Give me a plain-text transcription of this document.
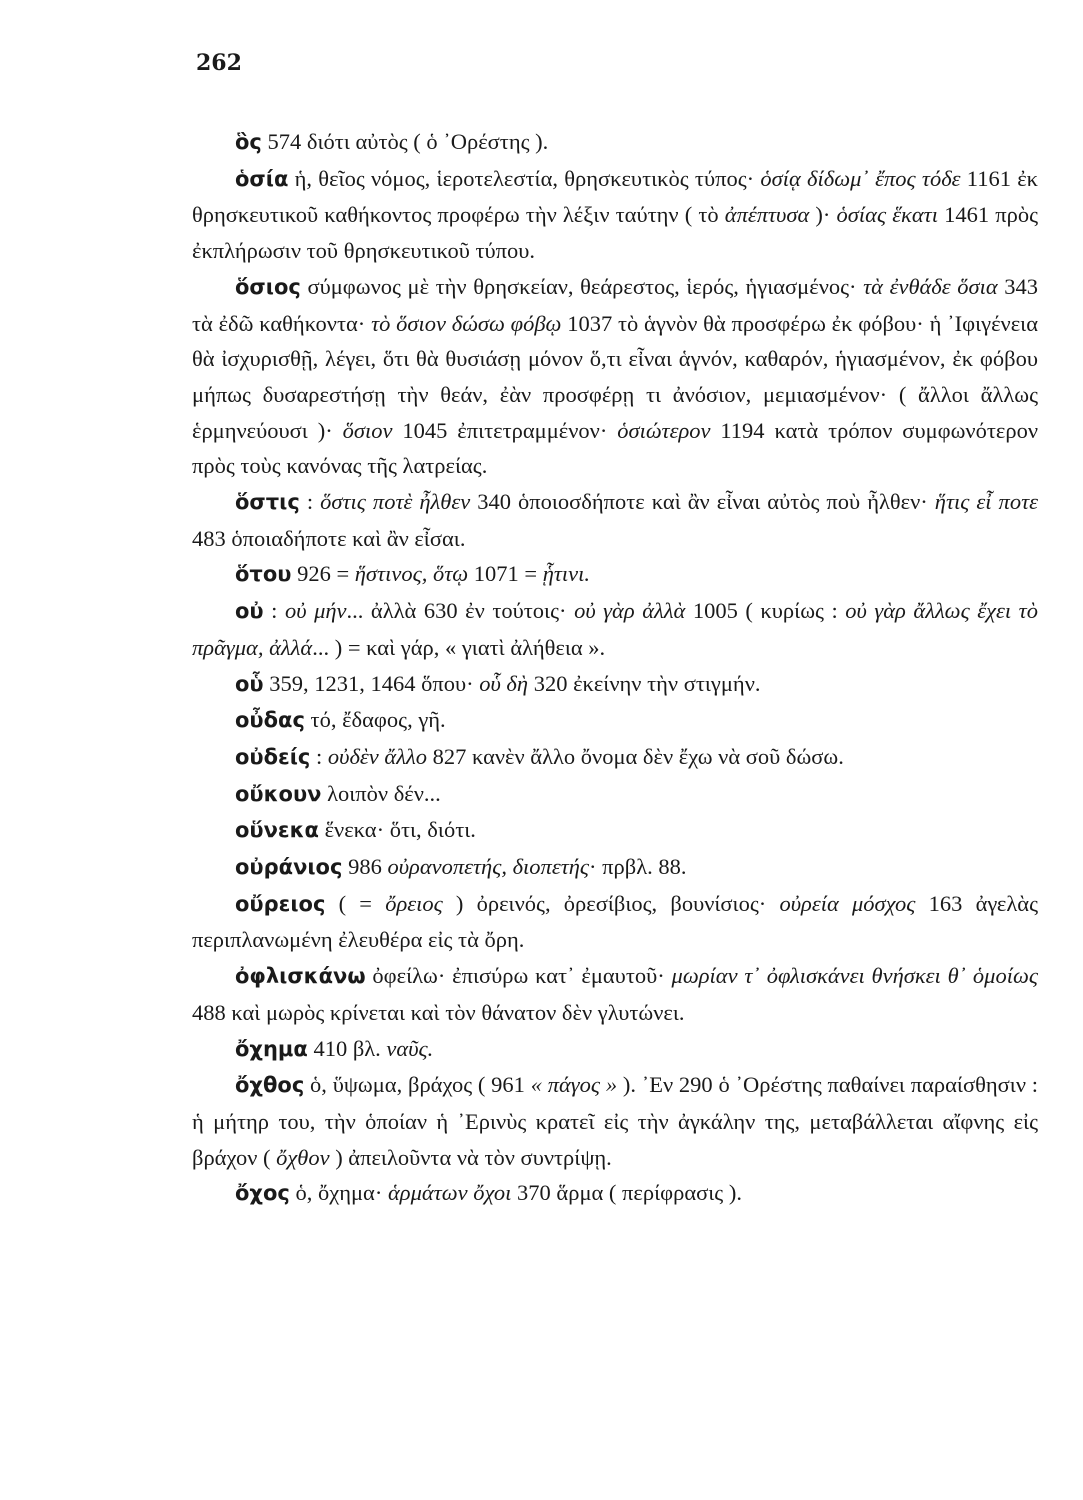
262

ὃς 574 διότι αὐτὸς ( ὁ ᾿Ορέστης ).

ὁσία ἡ, θεῖος νόμος, ἱεροτελεστία, θρησκευτικὸς τύπος· ὁσίᾳ δίδωμ᾿ ἔπος τόδε 1161 ἐκ θρησκευτικοῦ καθήκοντος προφέρω τὴν λέξιν ταύτην ( τὸ ἀπέπτυσα )· ὁσίας ἕκατι 1461 πρὸς ἐκπλήρωσιν τοῦ θρησκευτικοῦ τύπου.

ὅσιος σύμφωνος μὲ τὴν θρησκείαν, θεάρεστος, ἱερός, ἡγιασμένος· τὰ ἐνθάδε ὅσια 343 τὰ ἐδῶ καθήκοντα· τὸ ὅσιον δώσω φόβῳ 1037 τὸ ἁγνὸν θὰ προσφέρω ἐκ φόβου· ἡ ᾿Ιφιγένεια θὰ ἰσχυρισθῇ, λέγει, ὅτι θὰ θυσιάσῃ μόνον ὅ,τι εἶναι ἁγνόν, καθαρόν, ἡγιασμένον, ἐκ φόβου μήπως δυσαρεστήσῃ τὴν θεάν, ἐὰν προσφέρῃ τι ἀνόσιον, μεμιασμένον· ( ἄλλοι ἄλλως ἑρμηνεύουσι )· ὅσιον 1045 ἐπιτετραμμένον· ὁσιώτερον 1194 κατὰ τρόπον συμφωνότερον πρὸς τοὺς κανόνας τῆς λατρείας.

ὅστις : ὅστις ποτὲ ἦλθεν 340 ὁποιοσδήποτε καὶ ἂν εἶναι αὐτὸς ποὺ ἦλθεν· ἥτις εἶ ποτε 483 ὁποιαδήποτε καὶ ἂν εἶσαι.

ὅτου 926 = ἥστινος, ὅτῳ 1071 = ᾗτινι.

οὐ : οὐ μήν... ἀλλὰ 630 ἐν τούτοις· οὐ γὰρ ἀλλὰ 1005 ( κυρίως : οὐ γὰρ ἄλλως ἔχει τὸ πρᾶγμα, ἀλλά... ) = καὶ γάρ, « γιατὶ ἀλήθεια ».

οὗ 359, 1231, 1464 ὅπου· οὗ δὴ 320 ἐκείνην τὴν στιγμήν.

οὖδας τό, ἔδαφος, γῆ.

οὐδείς : οὐδὲν ἄλλο 827 κανὲν ἄλλο ὄνομα δὲν ἔχω νὰ σοῦ δώσω.

οὔκουν λοιπὸν δέν...

οὕνεκα ἕνεκα· ὅτι, διότι.

οὐράνιος 986 οὐρανοπετής, διοπετής· πρβλ. 88.

οὔρειος ( = ὄρειος ) ὀρεινός, ὀρεσίβιος, βουνίσιος· οὐρεία μόσχος 163 ἀγελὰς περιπλανωμένη ἐλευθέρα εἰς τὰ ὄρη.

ὀφλισκάνω ὀφείλω· ἐπισύρω κατ᾿ ἐμαυτοῦ· μωρίαν τ᾿ ὀφλισκάνει θνήσκει θ᾿ ὁμοίως 488 καὶ μωρὸς κρίνεται καὶ τὸν θάνατον δὲν γλυτώνει.

ὄχημα 410 βλ. ναῦς.

ὄχθος ὁ, ὕψωμα, βράχος ( 961 « πάγος » ). ᾿Εν 290 ὁ ᾿Ορέστης παθαίνει παραίσθησιν : ἡ μήτηρ του, τὴν ὁποίαν ἡ ᾿Ερινὺς κρατεῖ εἰς τὴν ἀγκάλην της, μεταβάλλεται αἴφνης εἰς βράχον ( ὄχθον ) ἀπειλοῦντα νὰ τὸν συντρίψῃ.

ὄχος ὁ, ὄχημα· ἁρμάτων ὄχοι 370 ἅρμα ( περίφρασις ).
